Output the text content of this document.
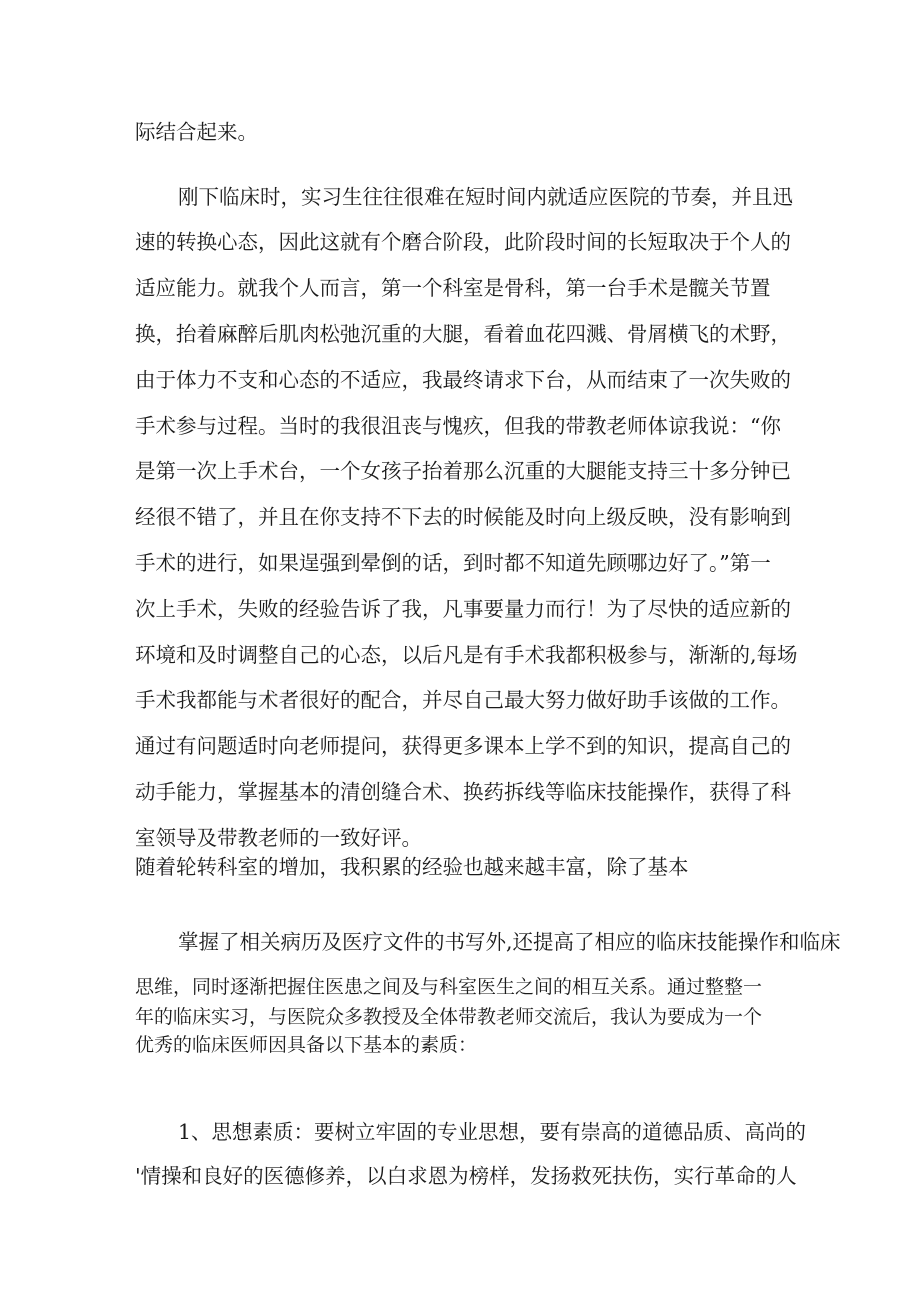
际结合起来。
刚下临床时，实习生往往很难在短时间内就适应医院的节奏，并且迅
速的转换心态，因此这就有个磨合阶段，此阶段时间的长短取决于个人的
适应能力。就我个人而言，第一个科室是骨科，第一台手术是髋关节置
换，抬着麻醉后肌肉松弛沉重的大腿，看着血花四溅、骨屑横飞的术野，
由于体力不支和心态的不适应，我最终请求下台，从而结束了一次失败的
手术参与过程。当时的我很沮丧与愧疚，但我的带教老师体谅我说：“你
是第一次上手术台，一个女孩子抬着那么沉重的大腿能支持三十多分钟已
经很不错了，并且在你支持不下去的时候能及时向上级反映，没有影响到
手术的进行，如果逞强到晕倒的话，到时都不知道先顾哪边好了。”第一
次上手术，失败的经验告诉了我，凡事要量力而行！为了尽快的适应新的
环境和及时调整自己的心态，以后凡是有手术我都积极参与，渐渐的,每场
手术我都能与术者很好的配合，并尽自己最大努力做好助手该做的工作。
通过有问题适时向老师提问，获得更多课本上学不到的知识，提高自己的
动手能力，掌握基本的清创缝合术、换药拆线等临床技能操作，获得了科
室领导及带教老师的一致好评。
随着轮转科室的增加，我积累的经验也越来越丰富，除了基本
掌握了相关病历及医疗文件的书写外,还提高了相应的临床技能操作和临床
思维，同时逐渐把握住医患之间及与科室医生之间的相互关系。通过整整一
年的临床实习，与医院众多教授及全体带教老师交流后，我认为要成为一个
优秀的临床医师因具备以下基本的素质：
1、思想素质：要树立牢固的专业思想，要有崇高的道德品质、高尚的
'情操和良好的医德修养，以白求恩为榜样，发扬救死扶伤，实行革命的人
